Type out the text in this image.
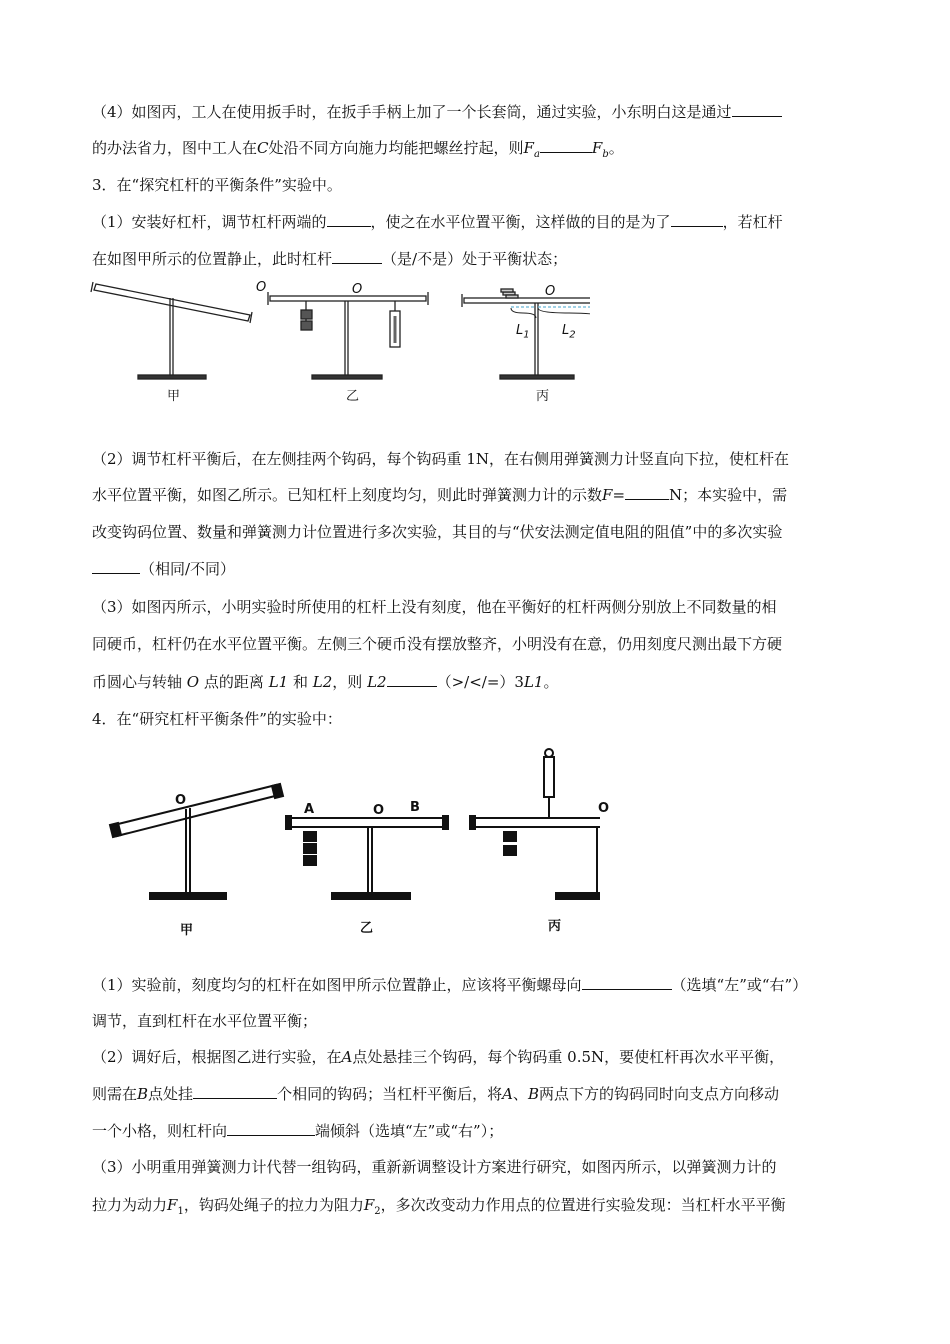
（4）如图丙，工人在使用扳手时，在扳手手柄上加了一个长套筒，通过实验，小东明白这是通过
的办法省力，图中工人在C处沿不同方向施力均能把螺丝拧起，则$F_a$	$F_b$。
3．在“探究杠杆的平衡条件”实验中。
（1）安装好杠杆，调节杠杆两端的	，使之在水平位置平衡，这样做的目的是为了	，若杠杆
在如图甲所示的位置静止，此时杠杆	（是/不是）处于平衡状态；
O	O	O
$L_1$ $L_2$
甲	乙	丙
（2）调节杠杆平衡后，在左侧挂两个钩码，每个钩码重 1N，在右侧用弹簧测力计竖直向下拉，使杠杆在
水平位置平衡，如图乙所示。已知杠杆上刻度均匀，则此时弹簧测力计的示数F=	N；本实验中，需
改变钩码位置、数量和弹簧测力计位置进行多次实验，其目的与“伏安法测定值电阻的阻值”中的多次实验
（相同/不同）
（3）如图丙所示，小明实验时所使用的杠杆上没有刻度，他在平衡好的杠杆两侧分别放上不同数量的相
同硬币，杠杆仍在水平位置平衡。左侧三个硬币没有摆放整齐，小明没有在意，仍用刻度尺测出最下方硬
币圆心与转轴 O 点的距离 L1 和 L2，则 L2	（>/</=）3L1。
4．在“研究杠杆平衡条件”的实验中：
O
O
A	B	O
甲	乙	丙
（1）实验前，刻度均匀的杠杆在如图甲所示位置静止，应该将平衡螺母向	（选填“左”或“右”）
调节，直到杠杆在水平位置平衡；
（2）调好后，根据图乙进行实验，在A点处悬挂三个钩码，每个钩码重 0.5N，要使杠杆再次水平平衡，
则需在B点处挂	个相同的钩码；当杠杆平衡后，将A、B两点下方的钩码同时向支点方向移动
一个小格，则杠杆向	端倾斜（选填“左”或“右”）；
（3）小明重用弹簧测力计代替一组钩码，重新新调整设计方案进行研究，如图丙所示，以弹簧测力计的
拉力为动力$F_1$，钩码处绳子的拉力为阻力$F_2$，多次改变动力作用点的位置进行实验发现：当杠杆水平平衡
